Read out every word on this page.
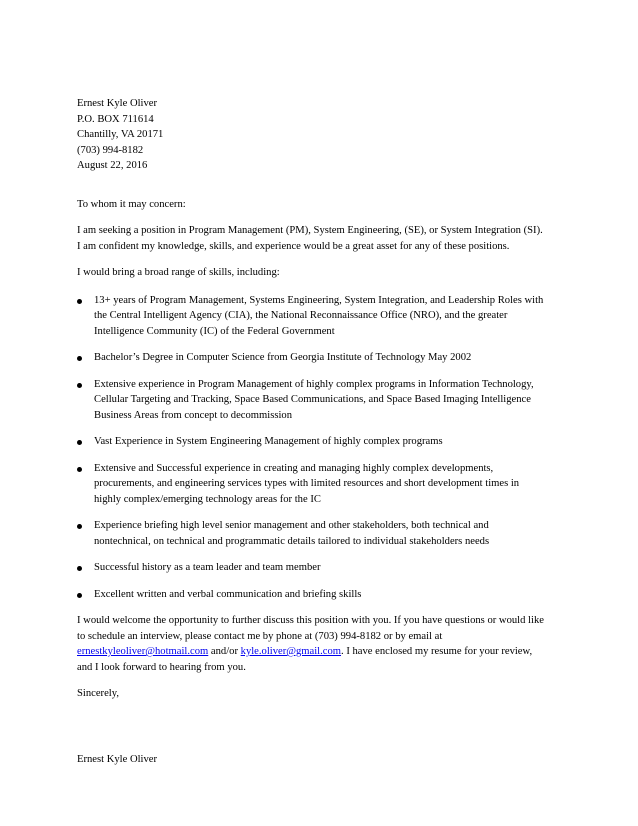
Ernest Kyle Oliver
P.O. BOX 711614
Chantilly, VA 20171
(703) 994-8182
August 22, 2016

To whom it may concern:

I am seeking a position in Program Management (PM), System Engineering, (SE), or System Integration (SI).
I am confident my knowledge, skills, and experience would be a great asset for any of these positions.

I would bring a broad range of skills, including:

13+ years of Program Management, Systems Engineering, System Integration, and Leadership Roles with
the Central Intelligent Agency (CIA), the National Reconnaissance Office (NRO), and the greater
Intelligence Community (IC) of the Federal Government
Bachelor’s Degree in Computer Science from Georgia Institute of Technology May 2002
Extensive experience in Program Management of highly complex programs in Information Technology,
Cellular Targeting and Tracking, Space Based Communications, and Space Based Imaging Intelligence
Business Areas from concept to decommission
Vast Experience in System Engineering Management of highly complex programs
Extensive and Successful experience in creating and managing highly complex developments,
procurements, and engineering services types with limited resources and short development times in
highly complex/emerging technology areas for the IC
Experience briefing high level senior management and other stakeholders, both technical and
nontechnical, on technical and programmatic details tailored to individual stakeholders needs
Successful history as a team leader and team member
Excellent written and verbal communication and briefing skills
I would welcome the opportunity to further discuss this position with you. If you have questions or would like
to schedule an interview, please contact me by phone at (703) 994-8182 or by email at
ernestkyleoliver@hotmail.com and/or kyle.oliver@gmail.com. I have enclosed my resume for your review,
and I look forward to hearing from you.

Sincerely,

Ernest Kyle Oliver
